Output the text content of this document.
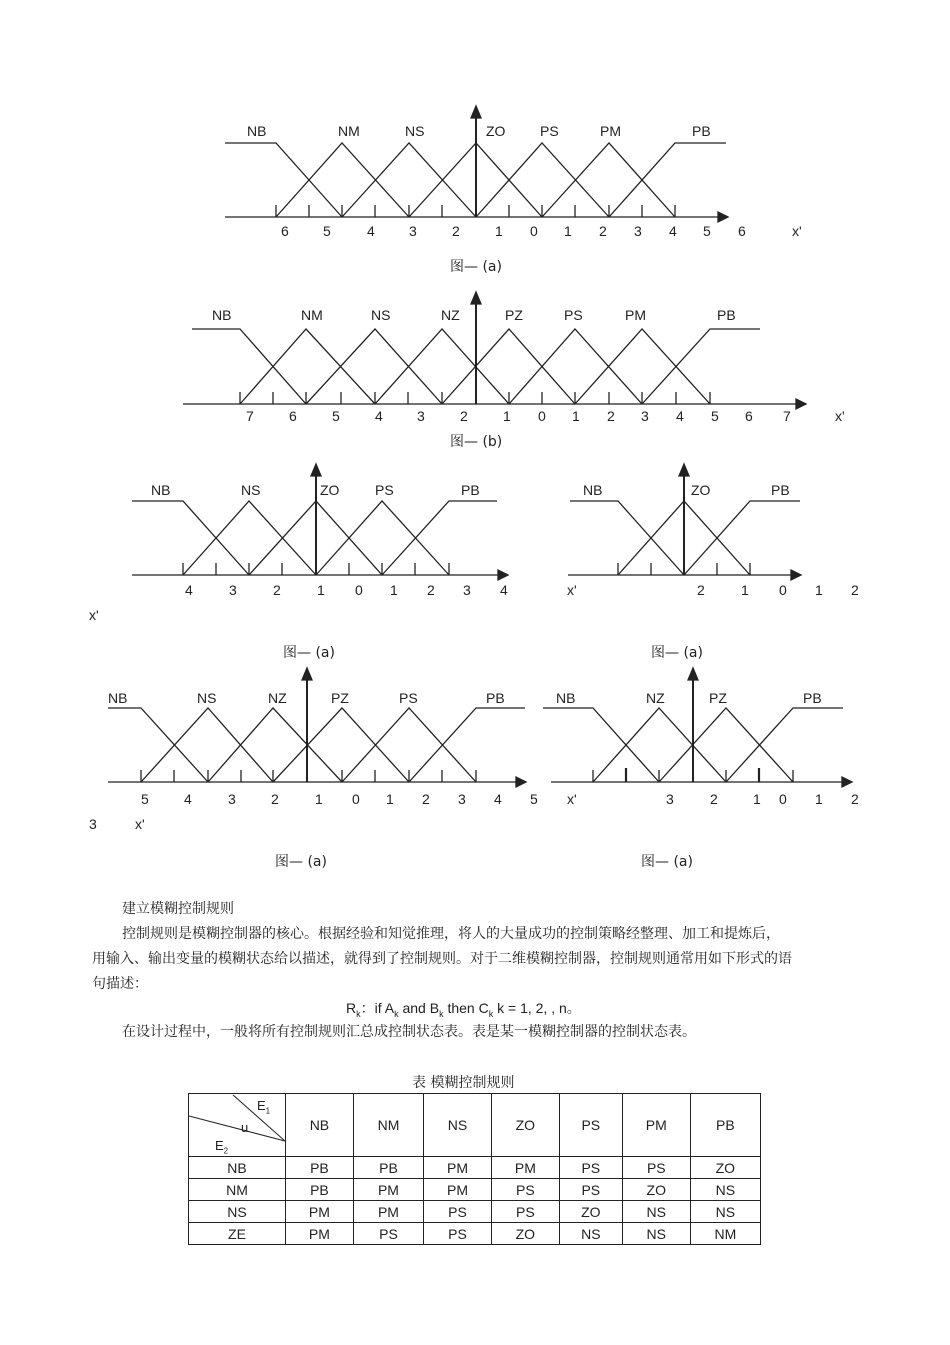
NB	NM	NS	ZO PS	PM	PB
6 5	4 3	2	1 0 1 2 3 4 5 6	x'
图— (a)
NB	NM	NS	NZ	PZ	PS	PM	PB
7	6	5	4 3	2	1 0 1 2 3 4 5 6 7	x'
图— (b)
NB	NS	ZO	PS	PB
4	3	2	1 0 1 2 3 4
x'
图— (a)
NB	ZO	PB
x'	2	1 0 1 2
图— (a)
NB	NS	NZ	PZ	PS	PB
5	4	3	2	1 0 1 2 3 4 5
3	x'
图— (a)
NB	NZ	PZ	PB
x'	3	2	1 0 1 2
图— (a)

建立模糊控制规则

控制规则是模糊控制器的核心。根据经验和知觉推理，将人的大量成功的控制策略经整理、加工和提炼后，用输入、输出变量的模糊状态给以描述，就得到了控制规则。对于二维模糊控制器，控制规则通常用如下形式的语句描述：

$R_k$：if $A_k$ and $B_k$ then $C_k$ k = 1, 2, , n。

在设计过程中，一般将所有控制规则汇总成控制状态表。表是某一模糊控制器的控制状态表。

表 模糊控制规则
$E_1$
u
$E_2$	NB	NM	NS	ZO	PS	PM	PB
NB	PB	PB	PM	PM	PS	PS	ZO
NM	PB	PM	PM	PS	PS	ZO	NS
NS	PM	PM	PS	PS	ZO	NS	NS
ZE	PM	PS	PS	ZO	NS	NS	NM
